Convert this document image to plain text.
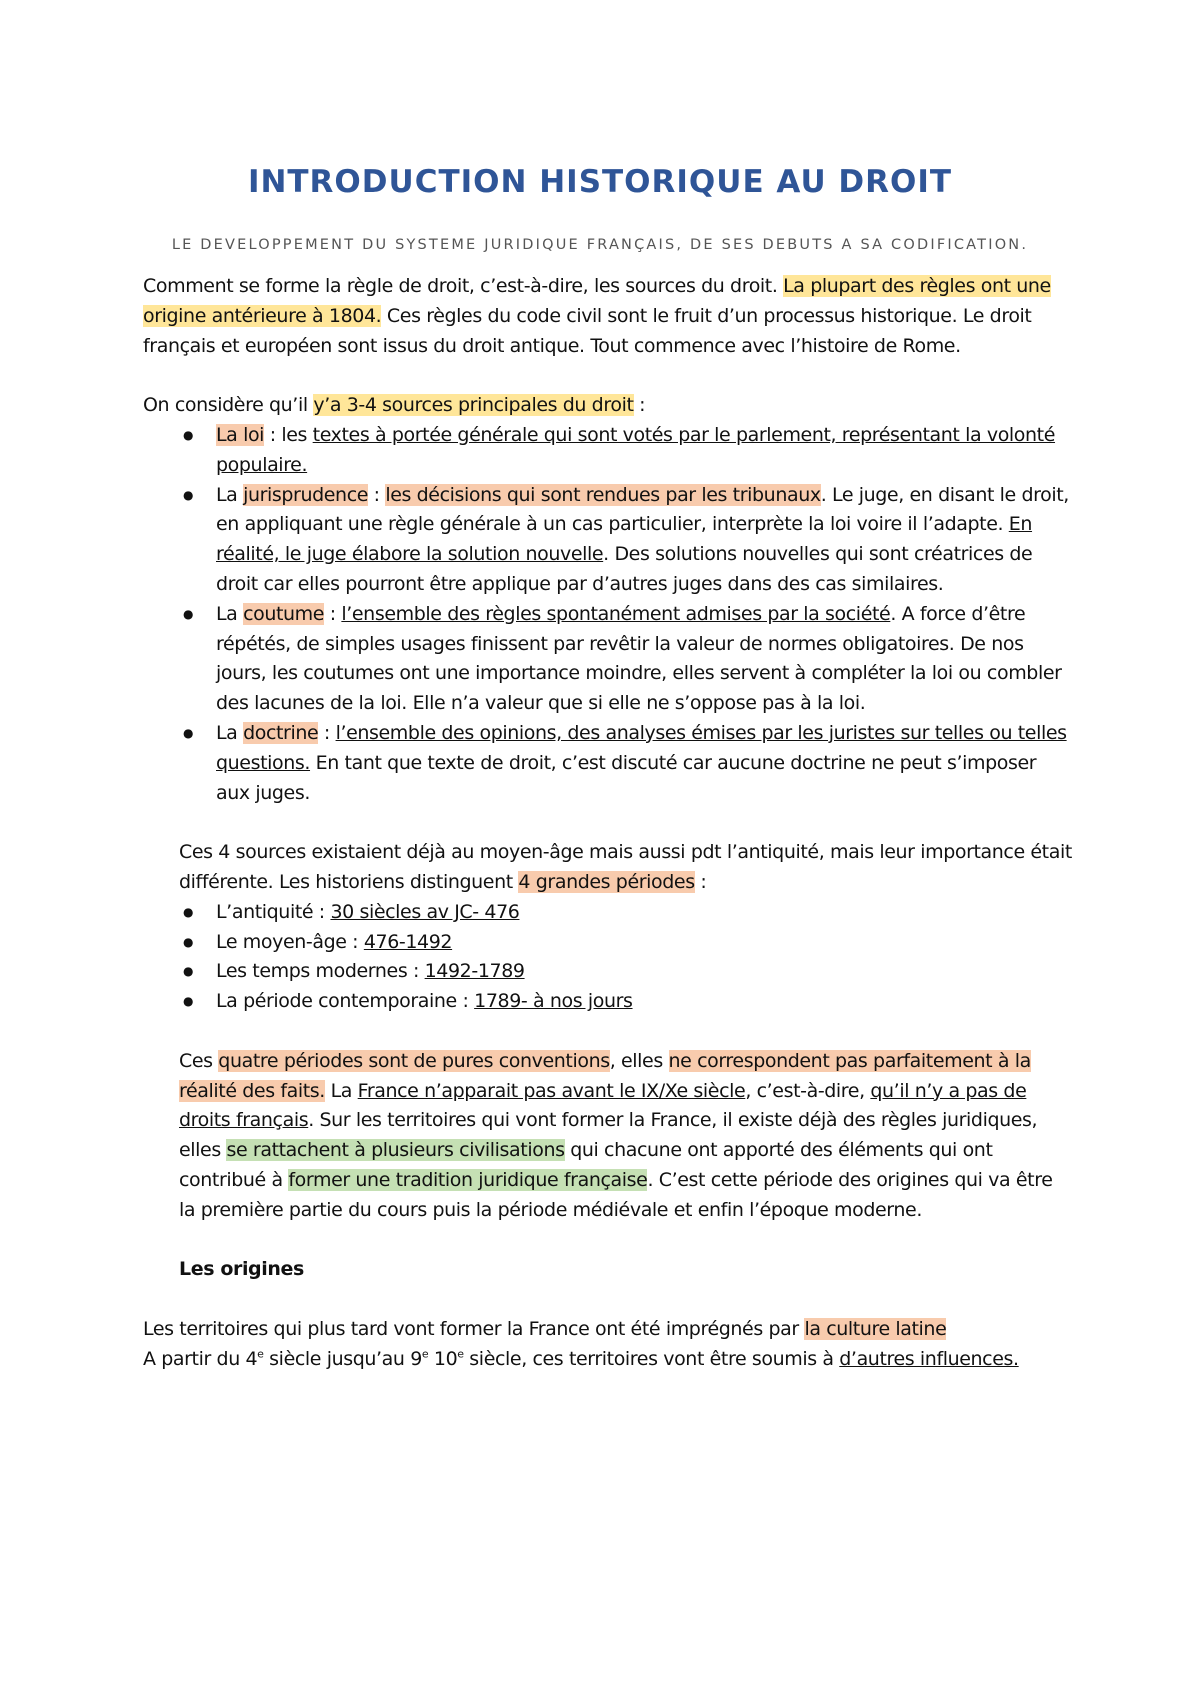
INTRODUCTION HISTORIQUE AU DROIT
LE DEVELOPPEMENT DU SYSTEME JURIDIQUE FRANÇAIS, DE SES DEBUTS A SA CODIFICATION.

Comment se forme la règle de droit, c’est-à-dire, les sources du droit. La plupart des règles ont une origine antérieure à 1804. Ces règles du code civil sont le fruit d’un processus historique. Le droit français et européen sont issus du droit antique. Tout commence avec l’histoire de Rome.

On considère qu’il y’a 3-4 sources principales du droit :

● La loi : les textes à portée générale qui sont votés par le parlement, représentant la volonté populaire.
● La jurisprudence : les décisions qui sont rendues par les tribunaux. Le juge, en disant le droit, en appliquant une règle générale à un cas particulier, interprète la loi voire il l’adapte. En réalité, le juge élabore la solution nouvelle. Des solutions nouvelles qui sont créatrices de droit car elles pourront être applique par d’autres juges dans des cas similaires.
● La coutume : l’ensemble des règles spontanément admises par la société. A force d’être répétés, de simples usages finissent par revêtir la valeur de normes obligatoires. De nos jours, les coutumes ont une importance moindre, elles servent à compléter la loi ou combler des lacunes de la loi. Elle n’a valeur que si elle ne s’oppose pas à la loi.
● La doctrine : l’ensemble des opinions, des analyses émises par les juristes sur telles ou telles questions. En tant que texte de droit, c’est discuté car aucune doctrine ne peut s’imposer aux juges.

Ces 4 sources existaient déjà au moyen-âge mais aussi pdt l’antiquité, mais leur importance était différente. Les historiens distinguent 4 grandes périodes :

● L’antiquité : 30 siècles av JC- 476
● Le moyen-âge : 476-1492
● Les temps modernes : 1492-1789
● La période contemporaine : 1789- à nos jours

Ces quatre périodes sont de pures conventions, elles ne correspondent pas parfaitement à la réalité des faits. La France n’apparait pas avant le IX/Xe siècle, c’est-à-dire, qu’il n’y a pas de droits français. Sur les territoires qui vont former la France, il existe déjà des règles juridiques, elles se rattachent à plusieurs civilisations qui chacune ont apporté des éléments qui ont contribué à former une tradition juridique française. C’est cette période des origines qui va être la première partie du cours puis la période médiévale et enfin l’époque moderne.

Les origines

Les territoires qui plus tard vont former la France ont été imprégnés par la culture latine

A partir du 4e siècle jusqu’au 9e 10e siècle, ces territoires vont être soumis à d’autres influences.
